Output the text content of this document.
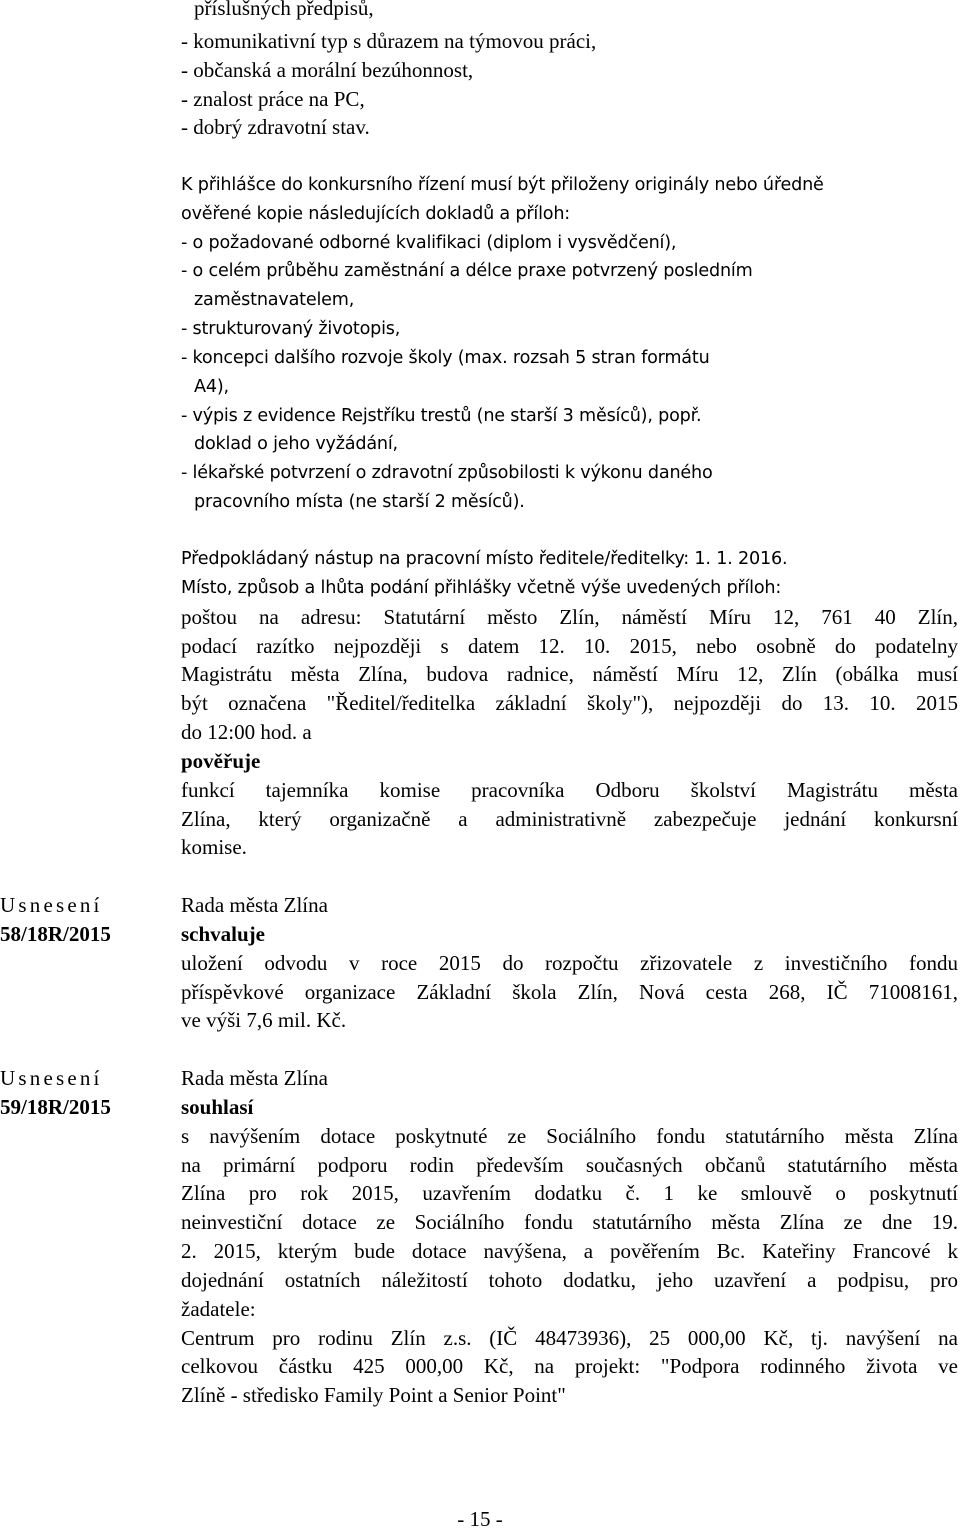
příslušných předpisů,

- komunikativní typ s důrazem na týmovou práci,

- občanská a morální bezúhonnost,

- znalost práce na PC,

- dobrý zdravotní stav.

K přihlášce do konkursního řízení musí být přiloženy originály nebo úředně

ověřené kopie následujících dokladů a příloh:

- o požadované odborné kvalifikaci (diplom i vysvědčení),

- o celém průběhu zaměstnání a délce praxe potvrzený posledním

zaměstnavatelem,

- strukturovaný životopis,

- koncepci dalšího rozvoje školy (max. rozsah 5 stran formátu

A4),

- výpis z evidence Rejstříku trestů (ne starší 3 měsíců), popř.

doklad o jeho vyžádání,

- lékařské potvrzení o zdravotní způsobilosti k výkonu daného

pracovního místa (ne starší 2 měsíců).

Předpokládaný nástup na pracovní místo ředitele/ředitelky: 1. 1. 2016.

Místo, způsob a lhůta podání přihlášky včetně výše uvedených příloh:

poštou na adresu: Statutární město Zlín, náměstí Míru 12, 761 40 Zlín,

podací razítko nejpozději s datem 12. 10. 2015, nebo osobně do podatelny

Magistrátu města Zlína, budova radnice, náměstí Míru 12, Zlín (obálka musí

být označena "Ředitel/ředitelka základní školy"), nejpozději do 13. 10. 2015

do 12:00 hod. a

pověřuje

funkcí tajemníka komise pracovníka Odboru školství Magistrátu města

Zlína, který organizačně a administrativně zabezpečuje jednání konkursní

komise.

Usnesení

58/18R/2015

Rada města Zlína

schvaluje

uložení odvodu v roce 2015 do rozpočtu zřizovatele z investičního fondu

příspěvkové organizace Základní škola Zlín, Nová cesta 268, IČ 71008161,

ve výši 7,6 mil. Kč.

Usnesení

59/18R/2015

Rada města Zlína

souhlasí

s navýšením dotace poskytnuté ze Sociálního fondu statutárního města Zlína

na primární podporu rodin především současných občanů statutárního města

Zlína pro rok 2015, uzavřením dodatku č. 1 ke smlouvě o poskytnutí

neinvestiční dotace ze Sociálního fondu statutárního města Zlína ze dne 19.

2. 2015, kterým bude dotace navýšena, a pověřením Bc. Kateřiny Francové k

dojednání ostatních náležitostí tohoto dodatku, jeho uzavření a podpisu, pro

žadatele:

Centrum pro rodinu Zlín z.s. (IČ 48473936), 25 000,00 Kč, tj. navýšení na

celkovou částku 425 000,00 Kč, na projekt: "Podpora rodinného života ve

Zlíně - středisko Family Point a Senior Point"

- 15 -
